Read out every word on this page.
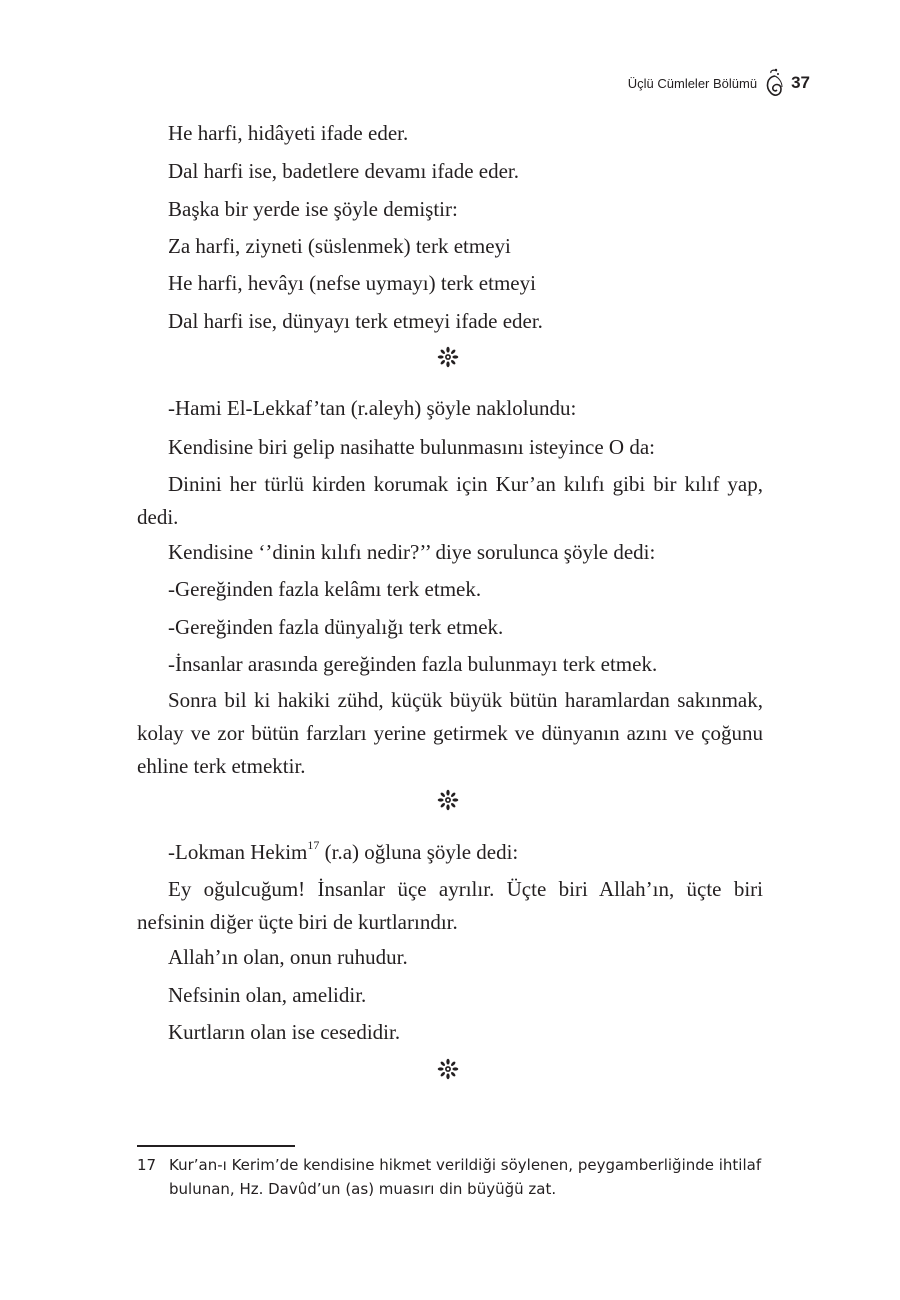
Üçlü Cümleler Bölümü 37

He harfi, hidâyeti ifade eder.

Dal harfi ise, badetlere devamı ifade eder.

Başka bir yerde ise şöyle demiştir:

Za harfi, ziyneti (süslenmek) terk etmeyi

He harfi, hevâyı (nefse uymayı) terk etmeyi

Dal harfi ise, dünyayı terk etmeyi ifade eder.

-Hami El-Lekkaf’tan (r.aleyh) şöyle naklolundu:

Kendisine biri gelip nasihatte bulunmasını isteyince O da:

Dinini her türlü kirden korumak için Kur’an kılıfı gibi bir kılıf yap, dedi.

Kendisine ‘’dinin kılıfı nedir?’’ diye sorulunca şöyle dedi:

-Gereğinden fazla kelâmı terk etmek.

-Gereğinden fazla dünyalığı terk etmek.

-İnsanlar arasında gereğinden fazla bulunmayı terk etmek.

Sonra bil ki hakiki zühd, küçük büyük bütün haramlardan sakınmak, kolay ve zor bütün farzları yerine getirmek ve dünyanın azını ve çoğunu ehline terk etmektir.

-Lokman Hekim$^{17}$ (r.a) oğluna şöyle dedi:

Ey oğulcuğum! İnsanlar üçe ayrılır. Üçte biri Allah’ın, üçte biri nefsinin diğer üçte biri de kurtlarındır.

Allah’ın olan, onun ruhudur.

Nefsinin olan, amelidir.

Kurtların olan ise cesedidir.

17 Kur’an-ı Kerim’de kendisine hikmet verildiği söylenen, peygamberliğinde ihtilaf bulunan, Hz. Davûd’un (as) muasırı din büyüğü zat.
